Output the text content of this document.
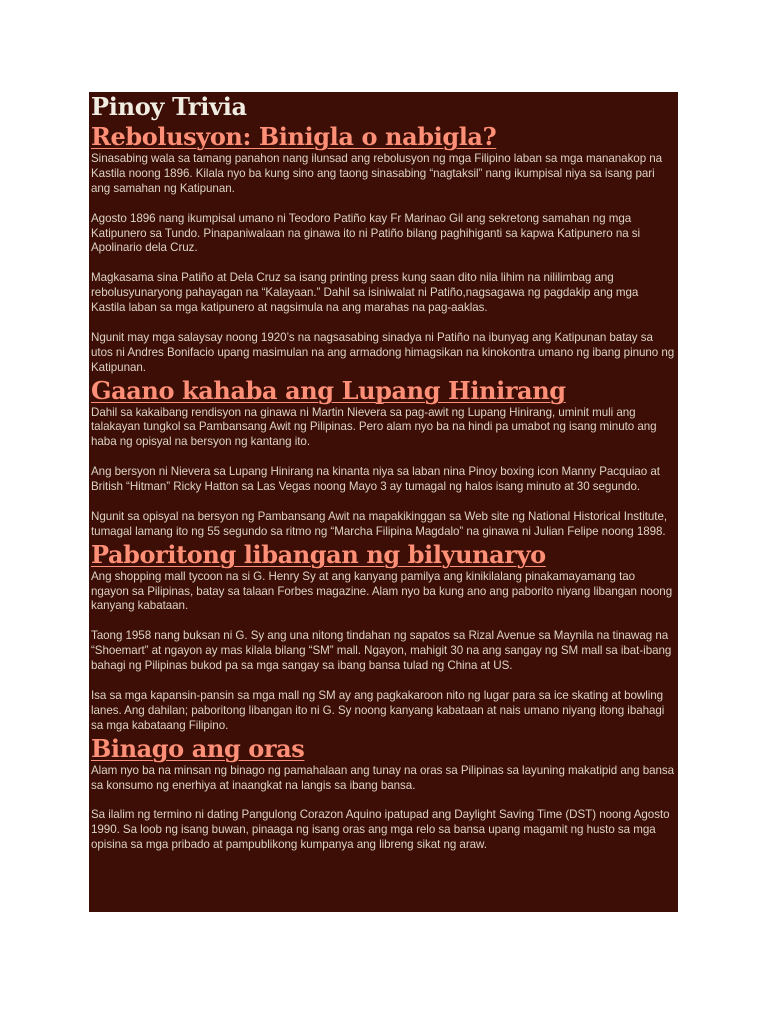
Pinoy Trivia
Rebolusyon: Binigla o nabigla?

Sinasabing wala sa tamang panahon nang ilunsad ang rebolusyon ng mga Filipino laban sa mga mananakop na Kastila noong 1896. Kilala nyo ba kung sino ang taong sinasabing “nagtaksil” nang ikumpisal niya sa isang pari ang samahan ng Katipunan.

Agosto 1896 nang ikumpisal umano ni Teodoro Patiño kay Fr Marinao Gil ang sekretong samahan ng mga Katipunero sa Tundo. Pinapaniwalaan na ginawa ito ni Patiño bilang paghihiganti sa kapwa Katipunero na si Apolinario dela Cruz.

Magkasama sina Patiño at Dela Cruz sa isang printing press kung saan dito nila lihim na nililimbag ang rebolusyunaryong pahayagan na “Kalayaan.” Dahil sa isiniwalat ni Patiño,nagsagawa ng pagdakip ang mga Kastila laban sa mga katipunero at nagsimula na ang marahas na pag-aaklas.

Ngunit may mga salaysay noong 1920’s na nagsasabing sinadya ni Patiño na ibunyag ang Katipunan batay sa utos ni Andres Bonifacio upang masimulan na ang armadong himagsikan na kinokontra umano ng ibang pinuno ng Katipunan.

Gaano kahaba ang Lupang Hinirang

Dahil sa kakaibang rendisyon na ginawa ni Martin Nievera sa pag-awit ng Lupang Hinirang, uminit muli ang talakayan tungkol sa Pambansang Awit ng Pilipinas. Pero alam nyo ba na hindi pa umabot ng isang minuto ang haba ng opisyal na bersyon ng kantang ito.

Ang bersyon ni Nievera sa Lupang Hinirang na kinanta niya sa laban nina Pinoy boxing icon Manny Pacquiao at British “Hitman” Ricky Hatton sa Las Vegas noong Mayo 3 ay tumagal ng halos isang minuto at 30 segundo.

Ngunit sa opisyal na bersyon ng Pambansang Awit na mapakikinggan sa Web site ng National Historical Institute, tumagal lamang ito ng 55 segundo sa ritmo ng “Marcha Filipina Magdalo” na ginawa ni Julian Felipe noong 1898.

Paboritong libangan ng bilyunaryo

Ang shopping mall tycoon na si G. Henry Sy at ang kanyang pamilya ang kinikilalang pinakamayamang tao ngayon sa Pilipinas, batay sa talaan Forbes magazine. Alam nyo ba kung ano ang paborito niyang libangan noong kanyang kabataan.

Taong 1958 nang buksan ni G. Sy ang una nitong tindahan ng sapatos sa Rizal Avenue sa Maynila na tinawag na “Shoemart” at ngayon ay mas kilala bilang “SM” mall. Ngayon, mahigit 30 na ang sangay ng SM mall sa ibat-ibang bahagi ng Pilipinas bukod pa sa mga sangay sa ibang bansa tulad ng China at US.

Isa sa mga kapansin-pansin sa mga mall ng SM ay ang pagkakaroon nito ng lugar para sa ice skating at bowling lanes. Ang dahilan; paboritong libangan ito ni G. Sy noong kanyang kabataan at nais umano niyang itong ibahagi sa mga kabataang Filipino.

Binago ang oras

Alam nyo ba na minsan ng binago ng pamahalaan ang tunay na oras sa Pilipinas sa layuning makatipid ang bansa sa konsumo ng enerhiya at inaangkat na langis sa ibang bansa.

Sa ilalim ng termino ni dating Pangulong Corazon Aquino ipatupad ang Daylight Saving Time (DST) noong Agosto 1990. Sa loob ng isang buwan, pinaaga ng isang oras ang mga relo sa bansa upang magamit ng husto sa mga opisina sa mga pribado at pampublikong kumpanya ang libreng sikat ng araw.
